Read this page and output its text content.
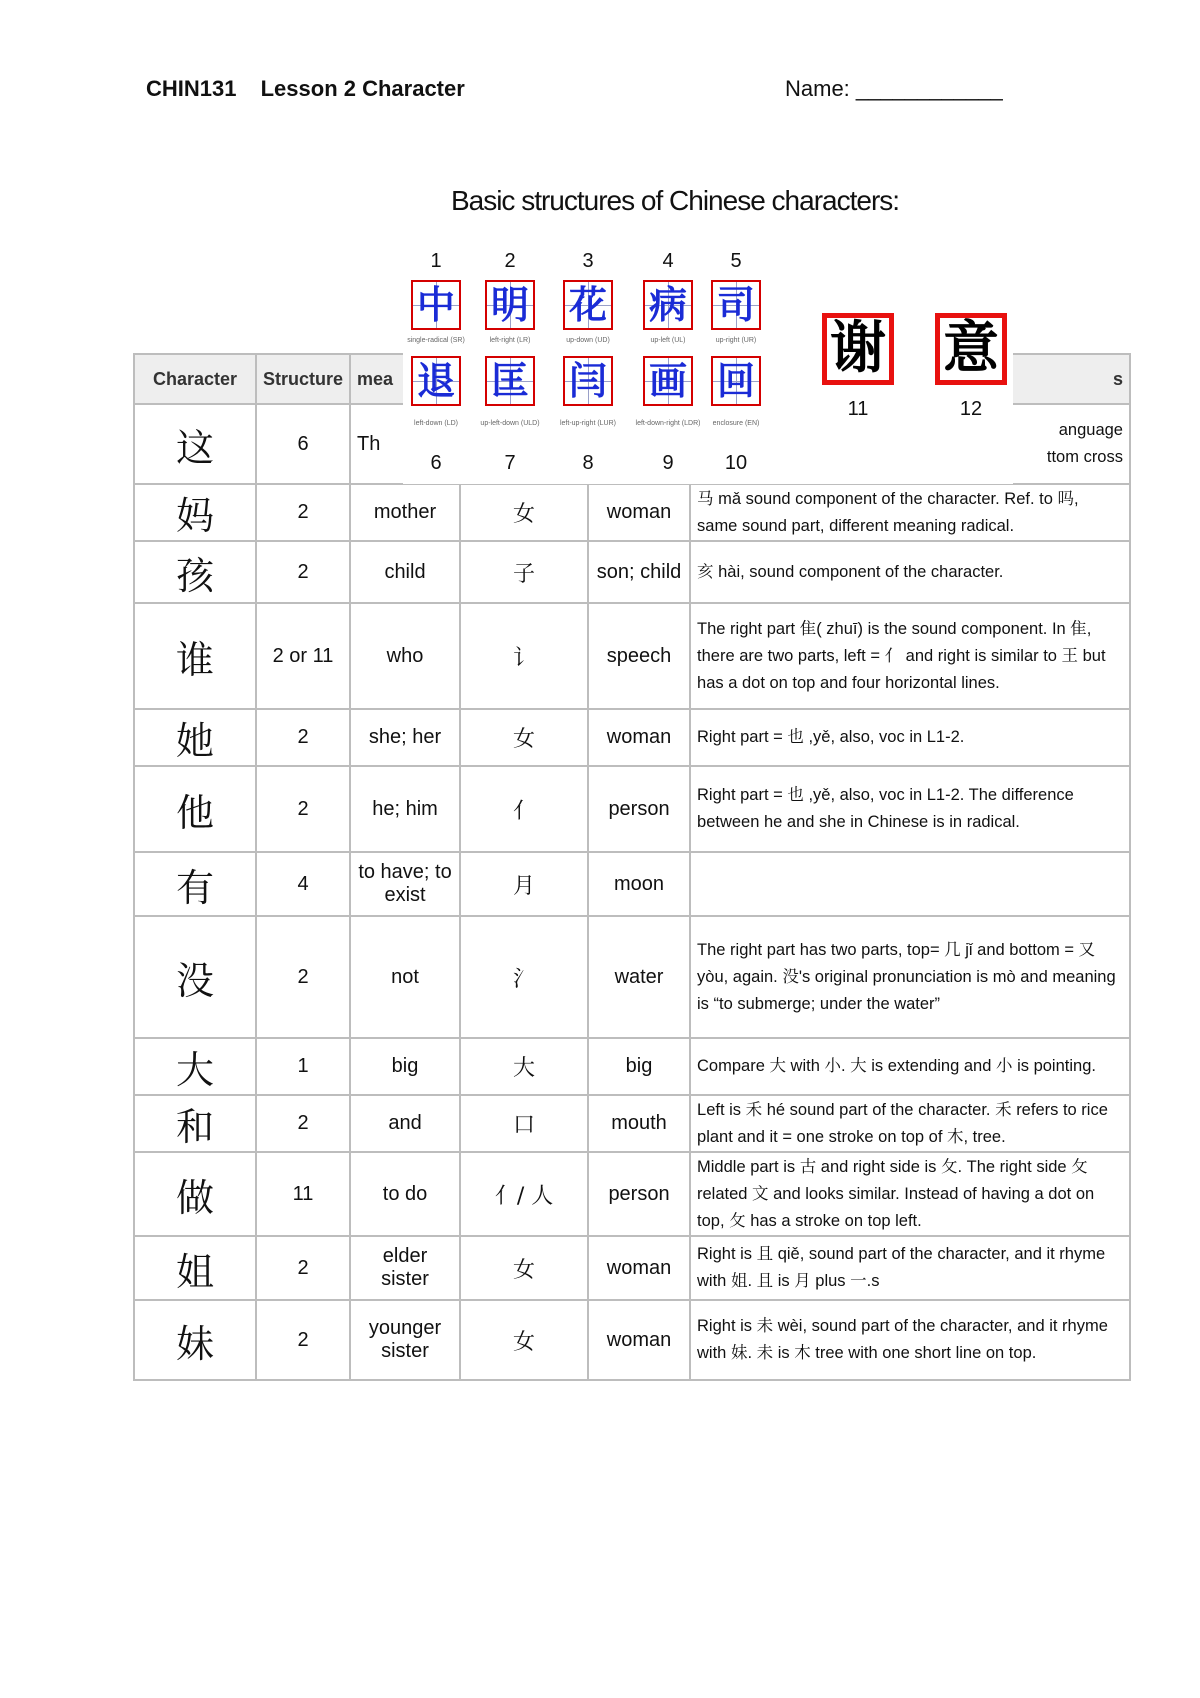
CHIN131 Lesson 2 Character	Name: ____________
Basic structures of Chinese characters:
Character	Structure	mea			s
这	6	Th			anguage
ttom cross

妈	2	mother	女	woman	马 mǎ sound component of the character. Ref. to 吗, same sound part, different meaning radical.
孩	2	child	子	son; child	亥 hài, sound component of the character.
谁	2 or 11	who	讠	speech	The right part 隹( zhuī) is the sound component. In 隹, there are two parts, left = 亻 and right is similar to 王 but has a dot on top and four horizontal lines.
她	2	she; her	女	woman	Right part = 也 ,yě, also, voc in L1-2.
他	2	he; him	亻	person	Right part = 也 ,yě, also, voc in L1-2. The difference between he and she in Chinese is in radical.
有	4	to have; to exist	月	moon	
没	2	not	氵	water	The right part has two parts, top= 几 jǐ and bottom = 又 yòu, again. 没's original pronunciation is mò and meaning is “to submerge; under the water”
大	1	big	大	big	Compare 大 with 小. 大 is extending and 小 is pointing.
和	2	and	口	mouth	Left is 禾 hé sound part of the character. 禾 refers to rice plant and it = one stroke on top of 木, tree.
做	11	to do	亻/ 人	person	Middle part is 古 and right side is 攵. The right side 攵 related 文 and looks similar. Instead of having a dot on top, 攵 has a stroke on top left.
姐	2	elder sister	女	woman	Right is 且 qiě, sound part of the character, and it rhyme with 姐. 且 is 月 plus 一.s
妹	2	younger sister	女	woman	Right is 未 wèi, sound part of the character, and it rhyme with 妹. 未 is 木 tree with one short line on top.
1
中
single-radical (SR)
2
明
left-right (LR)
3
花
up-down (UD)
4
病
up-left (UL)
5
司
up-right (UR)
6
退
left-down (LD)
7
匡
up-left-down (ULD)
8
闫
left-up-right (LUR)
9
画
left-down-right (LDR)
10
回
enclosure (EN)
谢
11
意
12
